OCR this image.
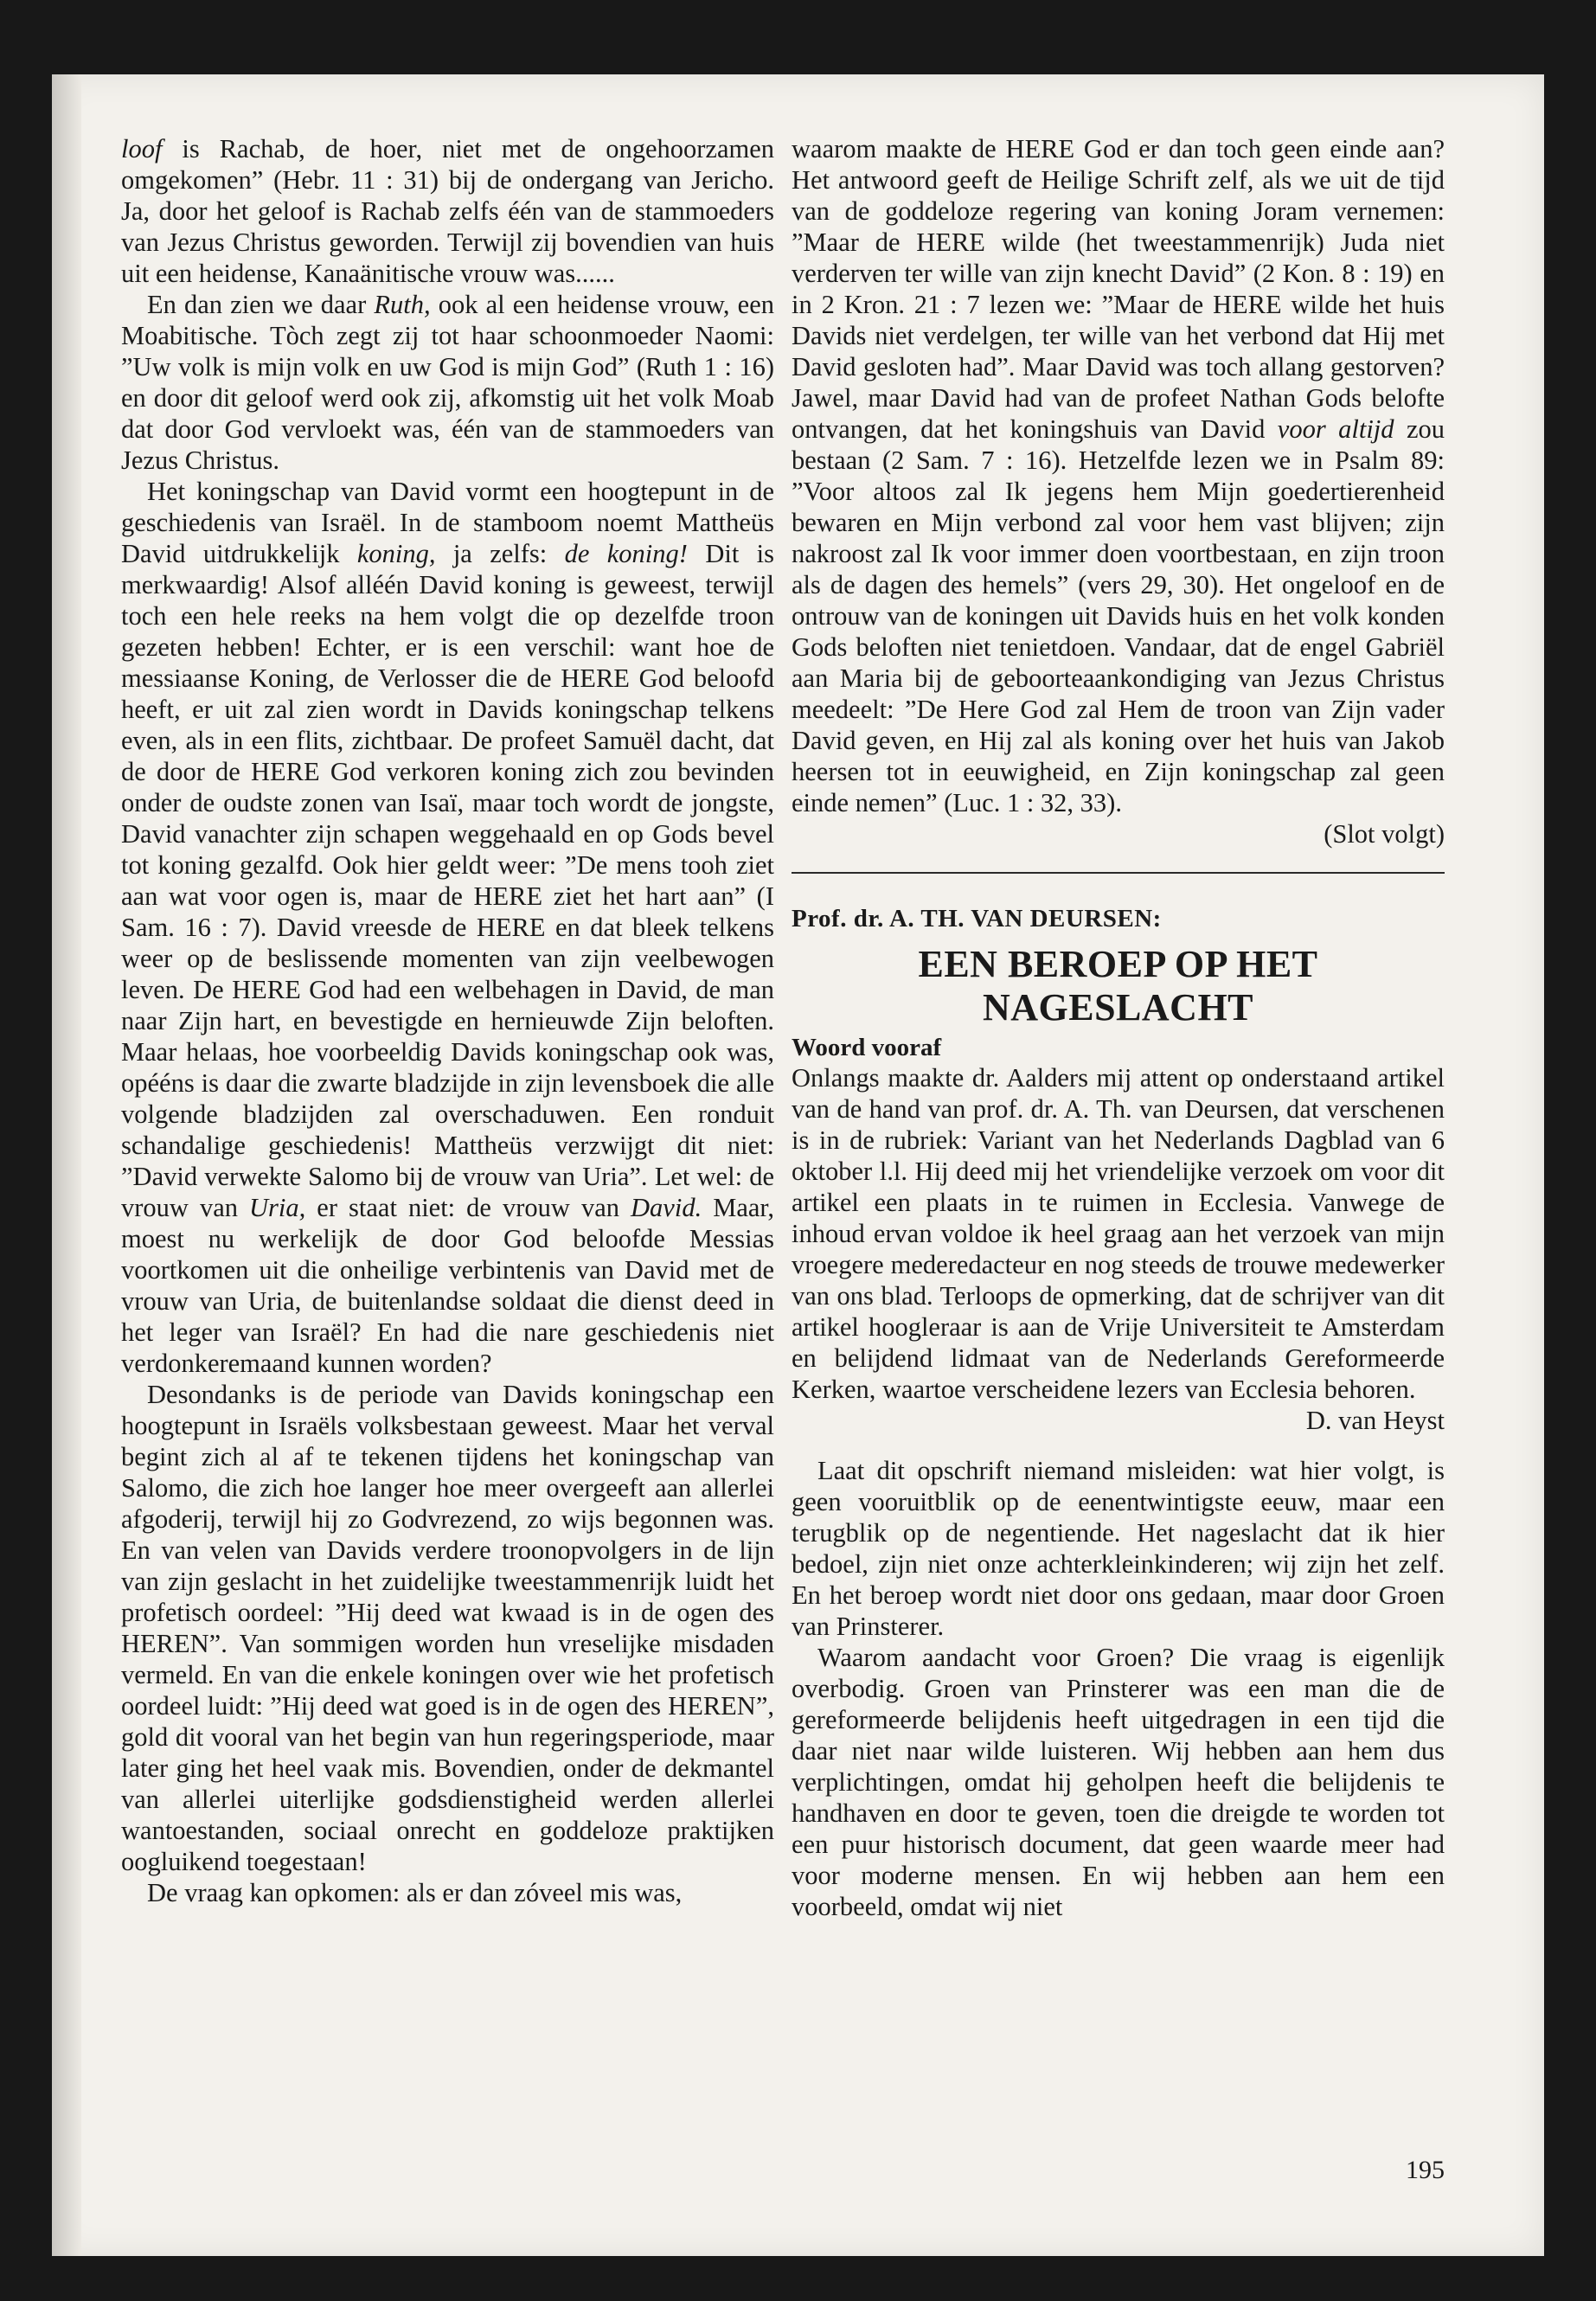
loof is Rachab, de hoer, niet met de ongehoorzamen omgekomen” (Hebr. 11 : 31) bij de ondergang van Jericho. Ja, door het geloof is Rachab zelfs één van de stammoeders van Jezus Christus geworden. Terwijl zij bovendien van huis uit een heidense, Kanaänitische vrouw was......

En dan zien we daar Ruth, ook al een heidense vrouw, een Moabitische. Tòch zegt zij tot haar schoonmoeder Naomi: ”Uw volk is mijn volk en uw God is mijn God” (Ruth 1 : 16) en door dit geloof werd ook zij, afkomstig uit het volk Moab dat door God vervloekt was, één van de stammoeders van Jezus Christus.

Het koningschap van David vormt een hoogtepunt in de geschiedenis van Israël. In de stamboom noemt Mattheüs David uitdrukkelijk koning, ja zelfs: de koning! Dit is merkwaardig! Alsof alléén David koning is geweest, terwijl toch een hele reeks na hem volgt die op dezelfde troon gezeten hebben! Echter, er is een verschil: want hoe de messiaanse Koning, de Verlosser die de HERE God beloofd heeft, er uit zal zien wordt in Davids koningschap telkens even, als in een flits, zichtbaar. De profeet Samuël dacht, dat de door de HERE God verkoren koning zich zou bevinden onder de oudste zonen van Isaï, maar toch wordt de jongste, David vanachter zijn schapen weggehaald en op Gods bevel tot koning gezalfd. Ook hier geldt weer: ”De mens tooh ziet aan wat voor ogen is, maar de HERE ziet het hart aan” (I Sam. 16 : 7). David vreesde de HERE en dat bleek telkens weer op de beslissende momenten van zijn veelbewogen leven. De HERE God had een welbehagen in David, de man naar Zijn hart, en bevestigde en hernieuwde Zijn beloften. Maar helaas, hoe voorbeeldig Davids koningschap ook was, opééns is daar die zwarte bladzijde in zijn levensboek die alle volgende bladzijden zal overschaduwen. Een ronduit schandalige geschiedenis! Mattheüs verzwijgt dit niet: ”David verwekte Salomo bij de vrouw van Uria”. Let wel: de vrouw van Uria, er staat niet: de vrouw van David. Maar, moest nu werkelijk de door God beloofde Messias voortkomen uit die onheilige verbintenis van David met de vrouw van Uria, de buitenlandse soldaat die dienst deed in het leger van Israël? En had die nare geschiedenis niet verdonkeremaand kunnen worden?

Desondanks is de periode van Davids koningschap een hoogtepunt in Israëls volksbestaan geweest. Maar het verval begint zich al af te tekenen tijdens het koningschap van Salomo, die zich hoe langer hoe meer overgeeft aan allerlei afgoderij, terwijl hij zo Godvrezend, zo wijs begonnen was. En van velen van Davids verdere troonopvolgers in de lijn van zijn geslacht in het zuidelijke tweestammenrijk luidt het profetisch oordeel: ”Hij deed wat kwaad is in de ogen des HEREN”. Van sommigen worden hun vreselijke misdaden vermeld. En van die enkele koningen over wie het profetisch oordeel luidt: ”Hij deed wat goed is in de ogen des HEREN”, gold dit vooral van het begin van hun regeringsperiode, maar later ging het heel vaak mis. Bovendien, onder de dekmantel van allerlei uiterlijke godsdienstigheid werden allerlei wantoestanden, sociaal onrecht en goddeloze praktijken oogluikend toegestaan!

De vraag kan opkomen: als er dan zóveel mis was,

waarom maakte de HERE God er dan toch geen einde aan? Het antwoord geeft de Heilige Schrift zelf, als we uit de tijd van de goddeloze regering van koning Joram vernemen: ”Maar de HERE wilde (het tweestammenrijk) Juda niet verderven ter wille van zijn knecht David” (2 Kon. 8 : 19) en in 2 Kron. 21 : 7 lezen we: ”Maar de HERE wilde het huis Davids niet verdelgen, ter wille van het verbond dat Hij met David gesloten had”. Maar David was toch allang gestorven? Jawel, maar David had van de profeet Nathan Gods belofte ontvangen, dat het koningshuis van David voor altijd zou bestaan (2 Sam. 7 : 16). Hetzelfde lezen we in Psalm 89: ”Voor altoos zal Ik jegens hem Mijn goedertierenheid bewaren en Mijn verbond zal voor hem vast blijven; zijn nakroost zal Ik voor immer doen voortbestaan, en zijn troon als de dagen des hemels” (vers 29, 30). Het ongeloof en de ontrouw van de koningen uit Davids huis en het volk konden Gods beloften niet tenietdoen. Vandaar, dat de engel Gabriël aan Maria bij de geboorteaankondiging van Jezus Christus meedeelt: ”De Here God zal Hem de troon van Zijn vader David geven, en Hij zal als koning over het huis van Jakob heersen tot in eeuwigheid, en Zijn koningschap zal geen einde nemen” (Luc. 1 : 32, 33).

(Slot volgt)
Prof. dr. A. TH. VAN DEURSEN:
EEN BEROEP OP HET NAGESLACHT
Woord vooraf

Onlangs maakte dr. Aalders mij attent op onderstaand artikel van de hand van prof. dr. A. Th. van Deursen, dat verschenen is in de rubriek: Variant van het Nederlands Dagblad van 6 oktober l.l. Hij deed mij het vriendelijke verzoek om voor dit artikel een plaats in te ruimen in Ecclesia. Vanwege de inhoud ervan voldoe ik heel graag aan het verzoek van mijn vroegere mederedacteur en nog steeds de trouwe medewerker van ons blad. Terloops de opmerking, dat de schrijver van dit artikel hoogleraar is aan de Vrije Universiteit te Amsterdam en belijdend lidmaat van de Nederlands Gereformeerde Kerken, waartoe verscheidene lezers van Ecclesia behoren.

D. van Heyst

Laat dit opschrift niemand misleiden: wat hier volgt, is geen vooruitblik op de eenentwintigste eeuw, maar een terugblik op de negentiende. Het nageslacht dat ik hier bedoel, zijn niet onze achterkleinkinderen; wij zijn het zelf. En het beroep wordt niet door ons gedaan, maar door Groen van Prinsterer.

Waarom aandacht voor Groen? Die vraag is eigenlijk overbodig. Groen van Prinsterer was een man die de gereformeerde belijdenis heeft uitgedragen in een tijd die daar niet naar wilde luisteren. Wij hebben aan hem dus verplichtingen, omdat hij geholpen heeft die belijdenis te handhaven en door te geven, toen die dreigde te worden tot een puur historisch document, dat geen waarde meer had voor moderne mensen. En wij hebben aan hem een voorbeeld, omdat wij niet

195
